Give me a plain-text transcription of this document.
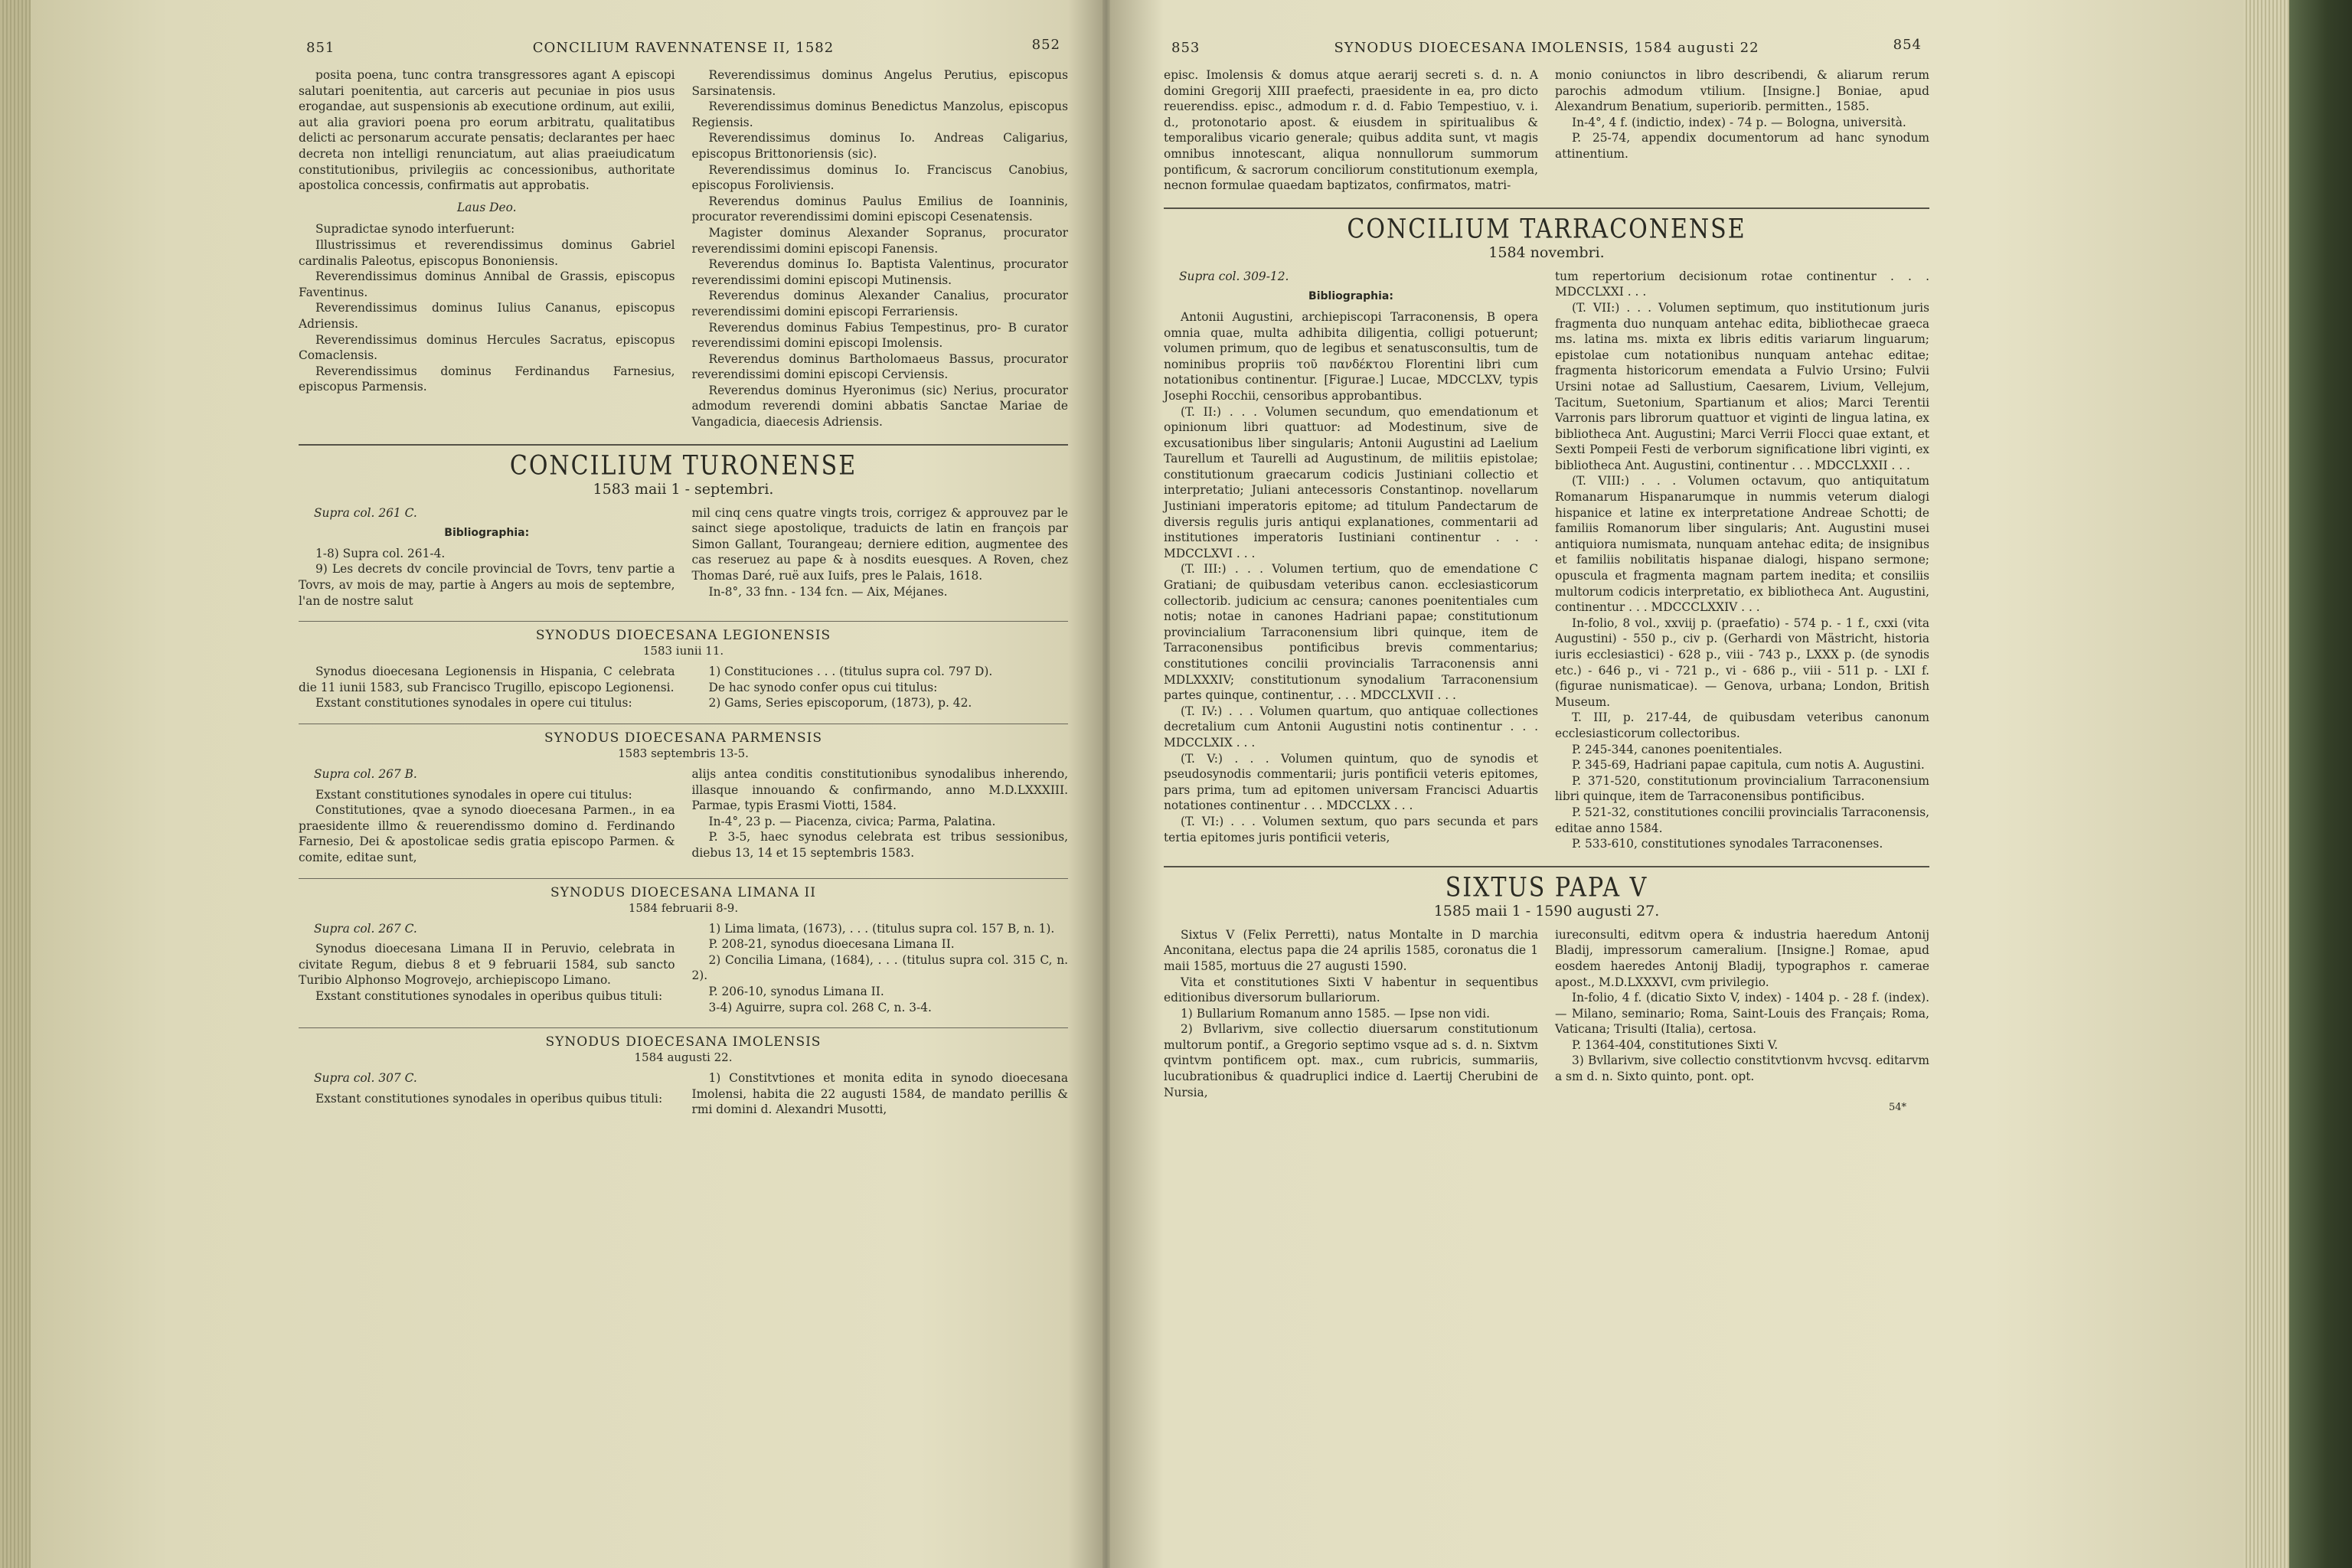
851	CONCILIUM RAVENNATENSE II, 1582	852

posita poena, tunc contra transgressores agant A episcopi salutari poenitentia, aut carceris aut pecuniae in pios usus erogandae, aut suspensionis ab executione ordinum, aut exilii, aut alia graviori poena pro eorum arbitratu, qualitatibus delicti ac personarum accurate pensatis; declarantes per haec decreta non intelligi renunciatum, aut alias praeiudicatum constitutionibus, privilegiis ac concessionibus, authoritate apostolica concessis, confirmatis aut approbatis.

Laus Deo.

Supradictae synodo interfuerunt:

Illustrissimus et reverendissimus dominus Gabriel cardinalis Paleotus, episcopus Bononiensis.

Reverendissimus dominus Annibal de Grassis, episcopus Faventinus.

Reverendissimus dominus Iulius Cananus, episcopus Adriensis.

Reverendissimus dominus Hercules Sacratus, episcopus Comaclensis.

Reverendissimus dominus Ferdinandus Farnesius, episcopus Parmensis.

Reverendissimus dominus Angelus Perutius, episcopus Sarsinatensis.

Reverendissimus dominus Benedictus Manzolus, episcopus Regiensis.

Reverendissimus dominus Io. Andreas Caligarius, episcopus Brittonoriensis (sic).

Reverendissimus dominus Io. Franciscus Canobius, episcopus Foroliviensis.

Reverendus dominus Paulus Emilius de Ioanninis, procurator reverendissimi domini episcopi Cesenatensis.

Magister dominus Alexander Sopranus, procurator reverendissimi domini episcopi Fanensis.

Reverendus dominus Io. Baptista Valentinus, procurator reverendissimi domini episcopi Mutinensis.

Reverendus dominus Alexander Canalius, procurator reverendissimi domini episcopi Ferrariensis.

Reverendus dominus Fabius Tempestinus, pro- B curator reverendissimi domini episcopi Imolensis.

Reverendus dominus Bartholomaeus Bassus, procurator reverendissimi domini episcopi Cerviensis.

Reverendus dominus Hyeronimus (sic) Nerius, procurator admodum reverendi domini abbatis Sanctae Mariae de Vangadicia, diaecesis Adriensis.

CONCILIUM TURONENSE
1583 maii 1 - septembri.

Supra col. 261 C.

Bibliographia:

1-8) Supra col. 261-4.

9) Les decrets dv concile provincial de Tovrs, tenv partie a Tovrs, av mois de may, partie à Angers au mois de septembre, l'an de nostre salut

mil cinq cens quatre vingts trois, corrigez & approuvez par le sainct siege apostolique, traduicts de latin en françois par Simon Gallant, Tourangeau; derniere edition, augmentee des cas reseruez au pape & à nosdits euesques. A Roven, chez Thomas Daré, ruë aux Iuifs, pres le Palais, 1618.

In-8°, 33 fnn. - 134 fcn. — Aix, Méjanes.

SYNODUS DIOECESANA LEGIONENSIS
1583 iunii 11.

Synodus dioecesana Legionensis in Hispania, C celebrata die 11 iunii 1583, sub Francisco Trugillo, episcopo Legionensi.

Exstant constitutiones synodales in opere cui titulus:

1) Constituciones . . . (titulus supra col. 797 D).

De hac synodo confer opus cui titulus:

2) Gams, Series episcoporum, (1873), p. 42.

SYNODUS DIOECESANA PARMENSIS
1583 septembris 13-5.

Supra col. 267 B.

Exstant constitutiones synodales in opere cui titulus:

Constitutiones, qvae a synodo dioecesana Parmen., in ea praesidente illmo & reuerendissmo domino d. Ferdinando Farnesio, Dei & apostolicae sedis gratia episcopo Parmen. & comite, editae sunt,

alijs antea conditis constitutionibus synodalibus inherendo, illasque innouando & confirmando, anno M.D.LXXXIII. Parmae, typis Erasmi Viotti, 1584.

In-4°, 23 p. — Piacenza, civica; Parma, Palatina.

P. 3-5, haec synodus celebrata est tribus sessionibus, diebus 13, 14 et 15 septembris 1583.

SYNODUS DIOECESANA LIMANA II
1584 februarii 8-9.

Supra col. 267 C.

Synodus dioecesana Limana II in Peruvio, celebrata in civitate Regum, diebus 8 et 9 februarii 1584, sub sancto Turibio Alphonso Mogrovejo, archiepiscopo Limano.

Exstant constitutiones synodales in operibus quibus tituli:

1) Lima limata, (1673), . . . (titulus supra col. 157 B, n. 1).

P. 208-21, synodus dioecesana Limana II.

2) Concilia Limana, (1684), . . . (titulus supra col. 315 C, n. 2).

P. 206-10, synodus Limana II.

3-4) Aguirre, supra col. 268 C, n. 3-4.

SYNODUS DIOECESANA IMOLENSIS
1584 augusti 22.

Supra col. 307 C.

Exstant constitutiones synodales in operibus quibus tituli:

1) Constitvtiones et monita edita in synodo dioecesana Imolensi, habita die 22 augusti 1584, de mandato perillis & rmi domini d. Alexandri Musotti,

853	SYNODUS DIOECESANA IMOLENSIS, 1584 augusti 22	854

episc. Imolensis & domus atque aerarij secreti s. d. n. A domini Gregorij XIII praefecti, praesidente in ea, pro dicto reuerendiss. episc., admodum r. d. d. Fabio Tempestiuo, v. i. d., protonotario apost. & eiusdem in spiritualibus & temporalibus vicario generale; quibus addita sunt, vt magis omnibus innotescant, aliqua nonnullorum summorum pontificum, & sacrorum conciliorum constitutionum exempla, necnon formulae quaedam baptizatos, confirmatos, matri-

monio coniunctos in libro describendi, & aliarum rerum parochis admodum vtilium. [Insigne.] Boniae, apud Alexandrum Benatium, superiorib. permitten., 1585.

In-4°, 4 f. (indictio, index) - 74 p. — Bologna, università.

P. 25-74, appendix documentorum ad hanc synodum attinentium.

CONCILIUM TARRACONENSE
1584 novembri.

Supra col. 309-12.

Bibliographia:

Antonii Augustini, archiepiscopi Tarraconensis, B opera omnia quae, multa adhibita diligentia, colligi potuerunt; volumen primum, quo de legibus et senatusconsultis, tum de nominibus propriis τοῦ πανδέκτου Florentini libri cum notationibus continentur. [Figurae.] Lucae, MDCCLXV, typis Josephi Rocchii, censoribus approbantibus.

(T. II:) . . . Volumen secundum, quo emendationum et opinionum libri quattuor: ad Modestinum, sive de excusationibus liber singularis; Antonii Augustini ad Laelium Taurellum et Taurelli ad Augustinum, de militiis epistolae; constitutionum graecarum codicis Justiniani collectio et interpretatio; Juliani antecessoris Constantinop. novellarum Justiniani imperatoris epitome; ad titulum Pandectarum de diversis regulis juris antiqui explanationes, commentarii ad institutiones imperatoris Iustiniani continentur . . . MDCCLXVI . . .

(T. III:) . . . Volumen tertium, quo de emendatione C Gratiani; de quibusdam veteribus canon. ecclesiasticorum collectorib. judicium ac censura; canones poenitentiales cum notis; notae in canones Hadriani papae; constitutionum provincialium Tarraconensium libri quinque, item de Tarraconensibus pontificibus brevis commentarius; constitutiones concilii provincialis Tarraconensis anni MDLXXXIV; constitutionum synodalium Tarraconensium partes quinque, continentur, . . . MDCCLXVII . . .

(T. IV:) . . . Volumen quartum, quo antiquae collectiones decretalium cum Antonii Augustini notis continentur . . . MDCCLXIX . . .

(T. V:) . . . Volumen quintum, quo de synodis et pseudosynodis commentarii; juris pontificii veteris epitomes, pars prima, tum ad epitomen universam Francisci Aduartis notationes continentur . . . MDCCLXX . . .

(T. VI:) . . . Volumen sextum, quo pars secunda et pars tertia epitomes juris pontificii veteris,

tum repertorium decisionum rotae continentur . . . MDCCLXXI . . .

(T. VII:) . . . Volumen septimum, quo institutionum juris fragmenta duo nunquam antehac edita, bibliothecae graeca ms. latina ms. mixta ex libris editis variarum linguarum; epistolae cum notationibus nunquam antehac editae; fragmenta historicorum emendata a Fulvio Ursino; Fulvii Ursini notae ad Sallustium, Caesarem, Livium, Vellejum, Tacitum, Suetonium, Spartianum et alios; Marci Terentii Varronis pars librorum quattuor et viginti de lingua latina, ex bibliotheca Ant. Augustini; Marci Verrii Flocci quae extant, et Sexti Pompeii Festi de verborum significatione libri viginti, ex bibliotheca Ant. Augustini, continentur . . . MDCCLXXII . . .

(T. VIII:) . . . Volumen octavum, quo antiquitatum Romanarum Hispanarumque in nummis veterum dialogi hispanice et latine ex interpretatione Andreae Schotti; de familiis Romanorum liber singularis; Ant. Augustini musei antiquiora numismata, nunquam antehac edita; de insignibus et familiis nobilitatis hispanae dialogi, hispano sermone; opuscula et fragmenta magnam partem inedita; et consiliis multorum codicis interpretatio, ex bibliotheca Ant. Augustini, continentur . . . MDCCCLXXIV . . .

In-folio, 8 vol., xxviij p. (praefatio) - 574 p. - 1 f., cxxi (vita Augustini) - 550 p., civ p. (Gerhardi von Mästricht, historia iuris ecclesiastici) - 628 p., viii - 743 p., LXXX p. (de synodis etc.) - 646 p., vi - 721 p., vi - 686 p., viii - 511 p. - LXI f. (figurae nunismaticae). — Genova, urbana; London, British Museum.

T. III, p. 217-44, de quibusdam veteribus canonum ecclesiasticorum collectoribus.

P. 245-344, canones poenitentiales.

P. 345-69, Hadriani papae capitula, cum notis A. Augustini.

P. 371-520, constitutionum provincialium Tarraconensium libri quinque, item de Tarraconensibus pontificibus.

P. 521-32, constitutiones concilii provincialis Tarraconensis, editae anno 1584.

P. 533-610, constitutiones synodales Tarraconenses.

SIXTUS PAPA V
1585 maii 1 - 1590 augusti 27.

Sixtus V (Felix Perretti), natus Montalte in D marchia Anconitana, electus papa die 24 aprilis 1585, coronatus die 1 maii 1585, mortuus die 27 augusti 1590.

Vita et constitutiones Sixti V habentur in sequentibus editionibus diversorum bullariorum.

1) Bullarium Romanum anno 1585. — Ipse non vidi.

2) Bvllarivm, sive collectio diuersarum constitutionum multorum pontif., a Gregorio septimo vsque ad s. d. n. Sixtvm qvintvm pontificem opt. max., cum rubricis, summariis, lucubrationibus & quadruplici indice d. Laertij Cherubini de Nursia,

iureconsulti, editvm opera & industria haeredum Antonij Bladij, impressorum cameralium. [Insigne.] Romae, apud eosdem haeredes Antonij Bladij, typographos r. camerae apost., M.D.LXXXVI, cvm privilegio.

In-folio, 4 f. (dicatio Sixto V, index) - 1404 p. - 28 f. (index). — Milano, seminario; Roma, Saint-Louis des Français; Roma, Vaticana; Trisulti (Italia), certosa.

P. 1364-404, constitutiones Sixti V.

3) Bvllarivm, sive collectio constitvtionvm hvcvsq. editarvm a sm d. n. Sixto quinto, pont. opt.

54*
